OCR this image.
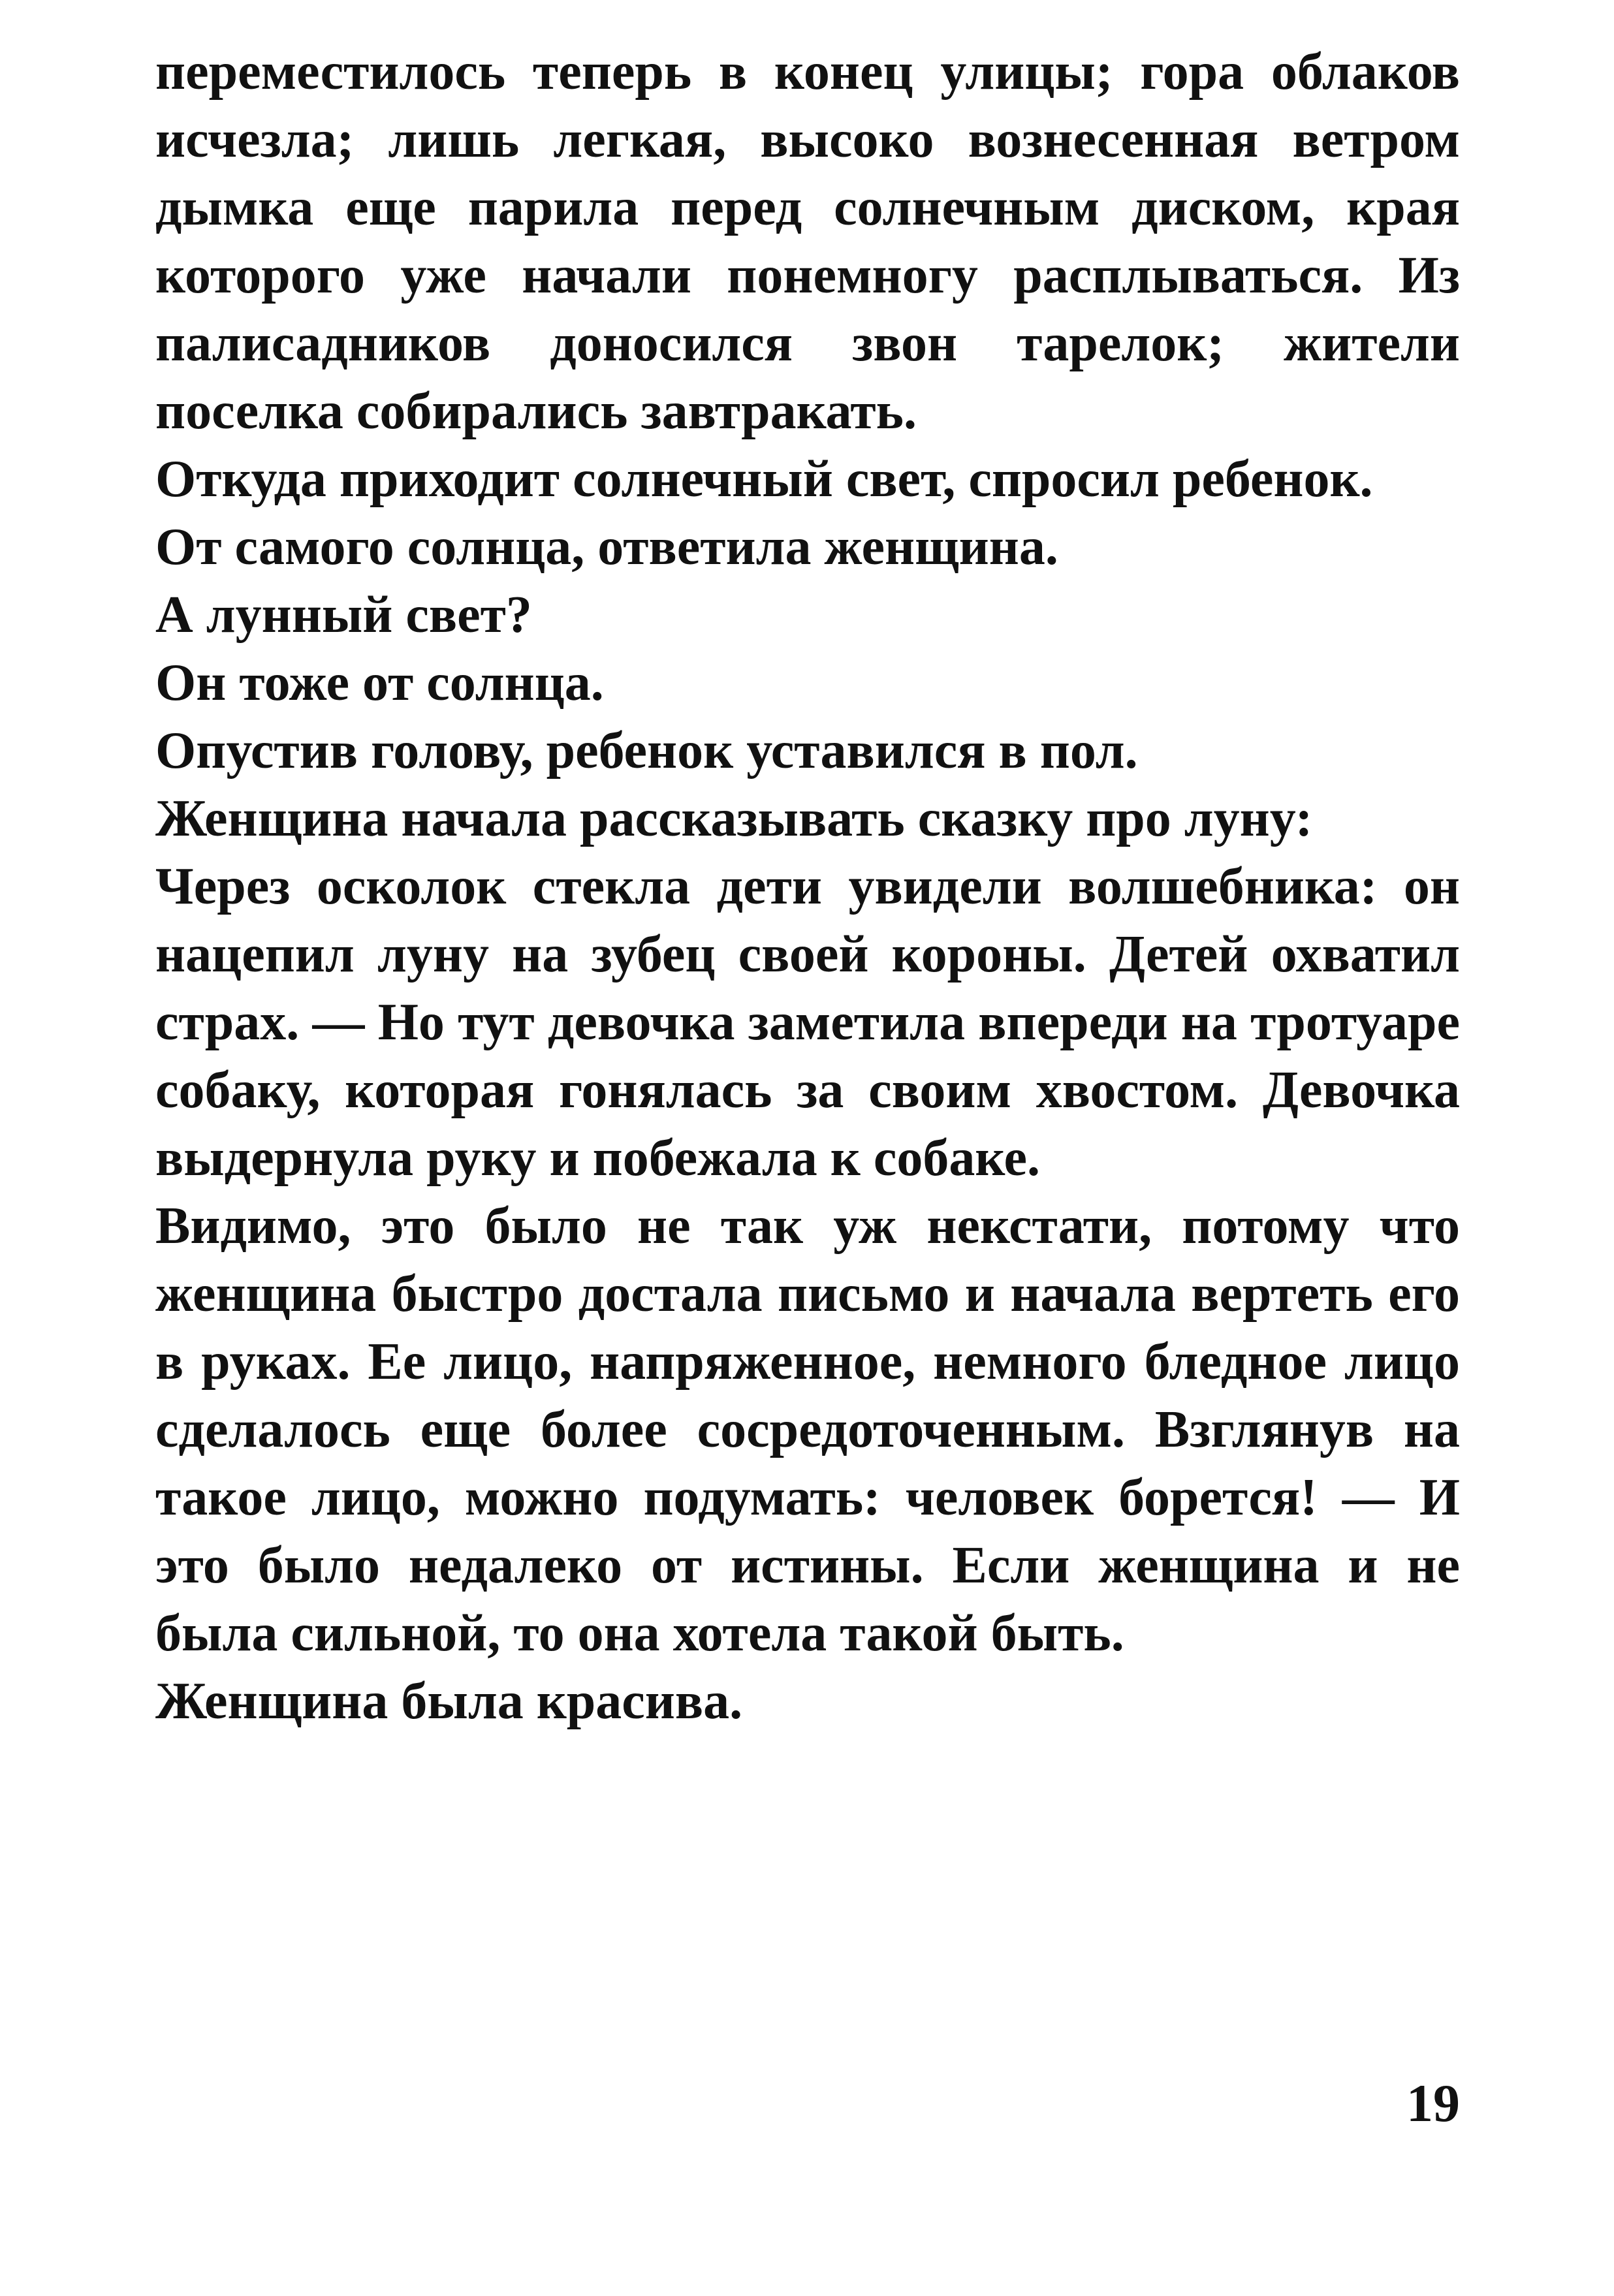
переместилось теперь в конец улицы; гора облаков исчезла; лишь легкая, высоко вознесенная ветром дымка еще парила перед солнечным диском, края которого уже начали понемногу расплываться. Из палисадников доносился звон тарелок; жители поселка собирались завтракать.

Откуда приходит солнечный свет, спросил ребенок.

От самого солнца, ответила женщина.

А лунный свет?

Он тоже от солнца.

Опустив голову, ребенок уставился в пол.

Женщина начала рассказывать сказку про луну:

Через осколок стекла дети увидели волшебника: он нацепил луну на зубец своей короны. Детей охватил страх. — Но тут девочка заметила впереди на тротуаре собаку, которая гонялась за своим хвостом. Девочка выдернула руку и побежала к собаке.

Видимо, это было не так уж некстати, потому что женщина быстро достала письмо и начала вертеть его в руках. Ее лицо, напряженное, немного бледное лицо сделалось еще более сосредоточенным. Взглянув на такое лицо, можно подумать: человек борется! — И это было недалеко от истины. Если женщина и не была сильной, то она хотела такой быть.

Женщина была красива.

19
